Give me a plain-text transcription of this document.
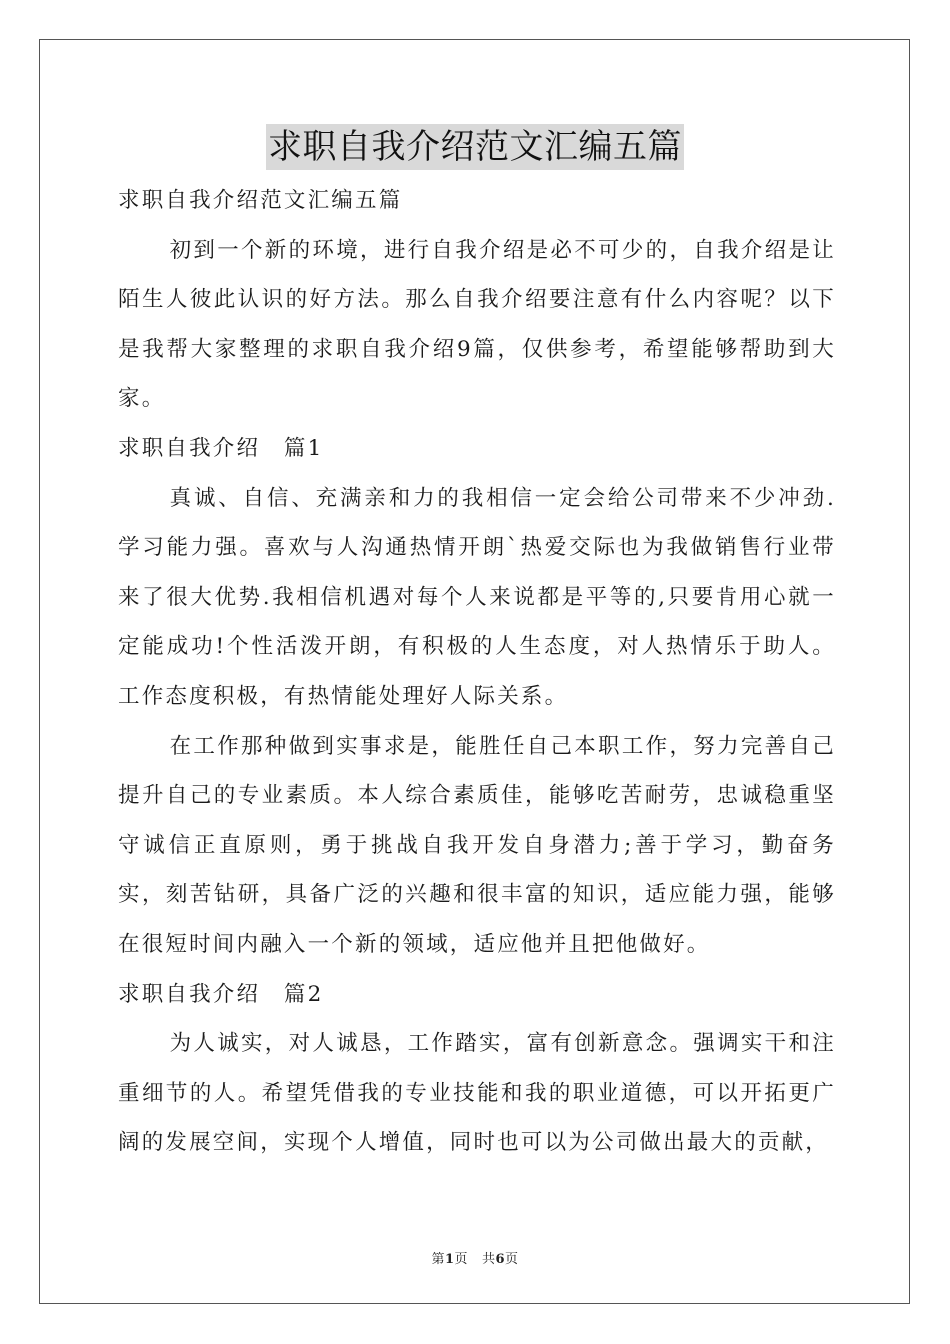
求职自我介绍范文汇编五篇

求职自我介绍范文汇编五篇

初到一个新的环境，进行自我介绍是必不可少的，自我介绍是让陌生人彼此认识的好方法。那么自我介绍要注意有什么内容呢？以下是我帮大家整理的求职自我介绍9篇，仅供参考，希望能够帮助到大家。

求职自我介绍　篇1

真诚、自信、充满亲和力的我相信一定会给公司带来不少冲劲.学习能力强。喜欢与人沟通热情开朗`热爱交际也为我做销售行业带来了很大优势.我相信机遇对每个人来说都是平等的,只要肯用心就一定能成功!个性活泼开朗，有积极的人生态度，对人热情乐于助人。工作态度积极，有热情能处理好人际关系。

在工作那种做到实事求是，能胜任自己本职工作，努力完善自己提升自己的专业素质。本人综合素质佳，能够吃苦耐劳，忠诚稳重坚守诚信正直原则，勇于挑战自我开发自身潜力;善于学习，勤奋务实，刻苦钻研，具备广泛的兴趣和很丰富的知识，适应能力强，能够在很短时间内融入一个新的领域，适应他并且把他做好。

求职自我介绍　篇2

为人诚实，对人诚恳，工作踏实，富有创新意念。强调实干和注重细节的人。希望凭借我的专业技能和我的职业道德，可以开拓更广阔的发展空间，实现个人增值，同时也可以为公司做出最大的贡献，

第1页 共6页
